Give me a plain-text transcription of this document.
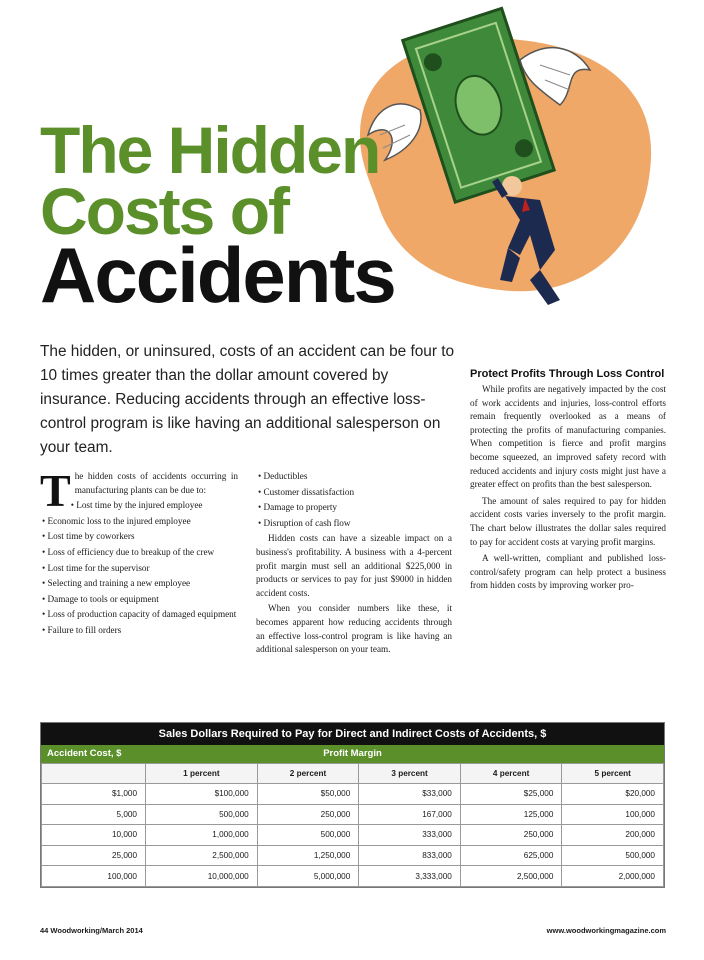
The Hidden
Costs of
Accidents
The hidden, or uninsured, costs of an accident can be four to 10 times greater than the dollar amount covered by insurance. Reducing accidents through an effective loss-control program is like having an additional salesperson on your team.

The hidden costs of accidents occurring in manufacturing plants can be due to:

• Lost time by the injured employee

• Economic loss to the injured employee

• Lost time by coworkers

• Loss of efficiency due to breakup of the crew

• Lost time for the supervisor

• Selecting and training a new employee

• Damage to tools or equipment

• Loss of production capacity of damaged equipment

• Failure to fill orders

• Deductibles

• Customer dissatisfaction

• Damage to property

• Disruption of cash flow

Hidden costs can have a sizeable impact on a business's profitability. A business with a 4-percent profit margin must sell an additional $225,000 in products or services to pay for just $9000 in hidden accident costs.

When you consider numbers like these, it becomes apparent how reducing accidents through an effective loss-control program is like having an additional salesperson on your team.

Protect Profits Through Loss Control

While profits are negatively impacted by the cost of work accidents and injuries, loss-control efforts remain frequently overlooked as a means of protecting the profits of manufacturing companies. When competition is fierce and profit margins become squeezed, an improved safety record with reduced accidents and injury costs might just have a greater effect on profits than the best salesperson.

The amount of sales required to pay for hidden accident costs varies inversely to the profit margin. The chart below illustrates the dollar sales required to pay for accident costs at varying profit margins.

A well-written, compliant and published loss-control/safety program can help protect a business from hidden costs by improving worker pro-

Sales Dollars Required to Pay for Direct and Indirect Costs of Accidents, $
Accident Cost, $	Profit Margin
	1 percent	2 percent	3 percent	4 percent	5 percent
$1,000	$100,000	$50,000	$33,000	$25,000	$20,000
5,000	500,000	250,000	167,000	125,000	100,000
10,000	1,000,000	500,000	333,000	250,000	200,000
25,000	2,500,000	1,250,000	833,000	625,000	500,000
100,000	10,000,000	5,000,000	3,333,000	2,500,000	2,000,000
44 Woodworking/March 2014	www.woodworkingmagazine.com
